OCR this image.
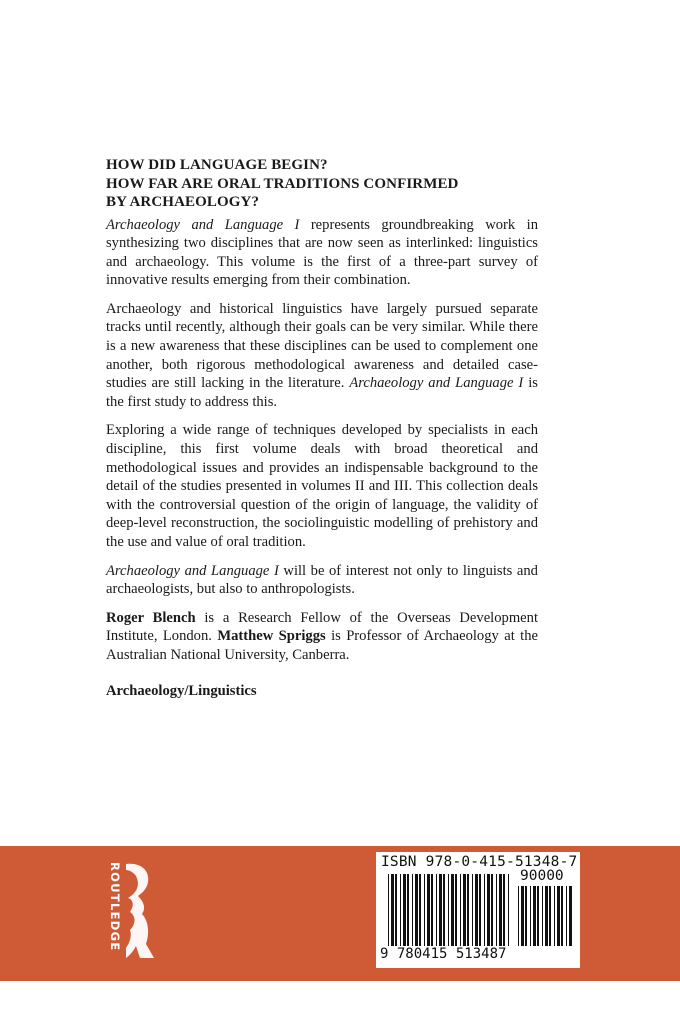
HOW DID LANGUAGE BEGIN?
HOW FAR ARE ORAL TRADITIONS CONFIRMED
BY ARCHAEOLOGY?

Archaeology and Language I represents groundbreaking work in synthesizing two disciplines that are now seen as interlinked: linguistics and archaeology. This volume is the first of a three-part survey of innovative results emerging from their combination.

Archaeology and historical linguistics have largely pursued separate tracks until recently, although their goals can be very similar. While there is a new awareness that these disciplines can be used to complement one another, both rigorous methodological awareness and detailed case-studies are still lacking in the literature. Archaeology and Language I is the first study to address this.

Exploring a wide range of techniques developed by specialists in each discipline, this first volume deals with broad theoretical and methodological issues and provides an indispensable background to the detail of the studies presented in volumes II and III. This collection deals with the controversial question of the origin of language, the validity of deep-level reconstruction, the sociolinguistic modelling of prehistory and the use and value of oral tradition.

Archaeology and Language I will be of interest not only to linguists and archaeologists, but also to anthropologists.

Roger Blench is a Research Fellow of the Overseas Development Institute, London. Matthew Spriggs is Professor of Archaeology at the Australian National University, Canberra.

Archaeology/Linguistics
ROUTLEDGE	ISBN 978-0-415-51348-7
90000
9 780415 513487
